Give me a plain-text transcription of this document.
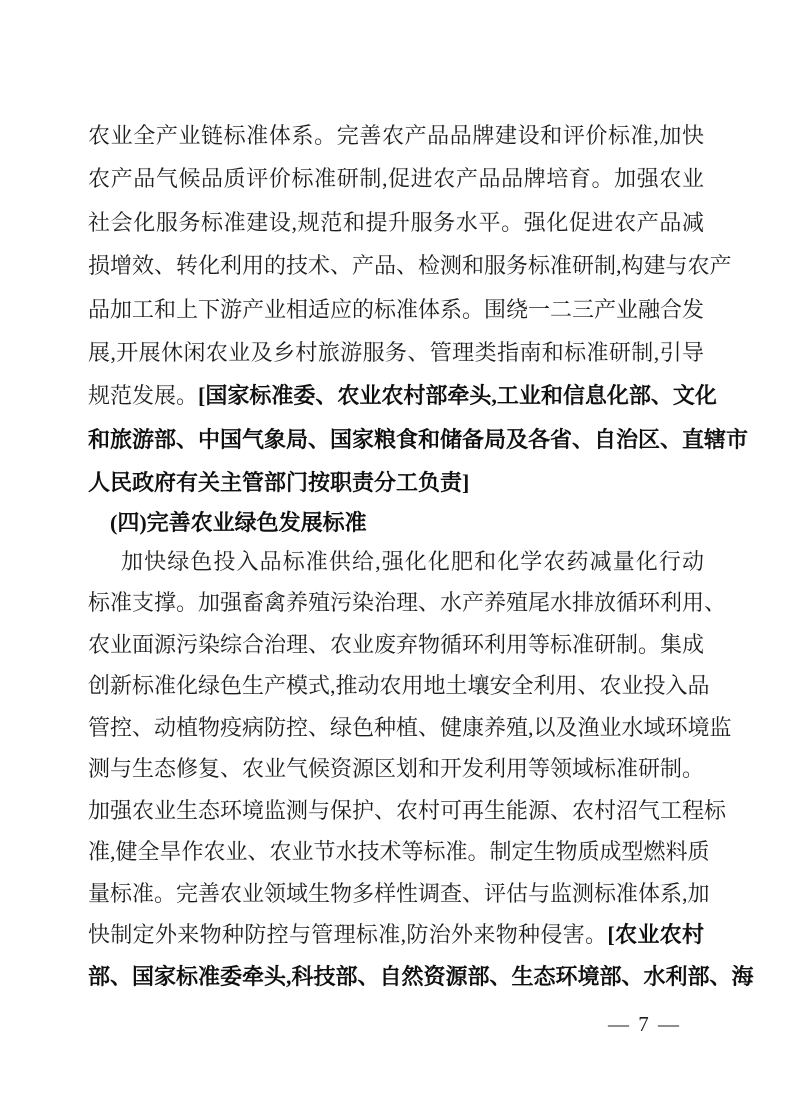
农业全产业链标准体系。完善农产品品牌建设和评价标准,加快
农产品气候品质评价标准研制,促进农产品品牌培育。加强农业
社会化服务标准建设,规范和提升服务水平。强化促进农产品减
损增效、转化利用的技术、产品、检测和服务标准研制,构建与农产
品加工和上下游产业相适应的标准体系。围绕一二三产业融合发
展,开展休闲农业及乡村旅游服务、管理类指南和标准研制,引导
规范发展。[国家标准委、农业农村部牵头,工业和信息化部、文化
和旅游部、中国气象局、国家粮食和储备局及各省、自治区、直辖市
人民政府有关主管部门按职责分工负责]
(四)完善农业绿色发展标准
加快绿色投入品标准供给,强化化肥和化学农药减量化行动
标准支撑。加强畜禽养殖污染治理、水产养殖尾水排放循环利用、
农业面源污染综合治理、农业废弃物循环利用等标准研制。集成
创新标准化绿色生产模式,推动农用地土壤安全利用、农业投入品
管控、动植物疫病防控、绿色种植、健康养殖,以及渔业水域环境监
测与生态修复、农业气候资源区划和开发利用等领域标准研制。
加强农业生态环境监测与保护、农村可再生能源、农村沼气工程标
准,健全旱作农业、农业节水技术等标准。制定生物质成型燃料质
量标准。完善农业领域生物多样性调查、评估与监测标准体系,加
快制定外来物种防控与管理标准,防治外来物种侵害。[农业农村
部、国家标准委牵头,科技部、自然资源部、生态环境部、水利部、海
— 7 —
